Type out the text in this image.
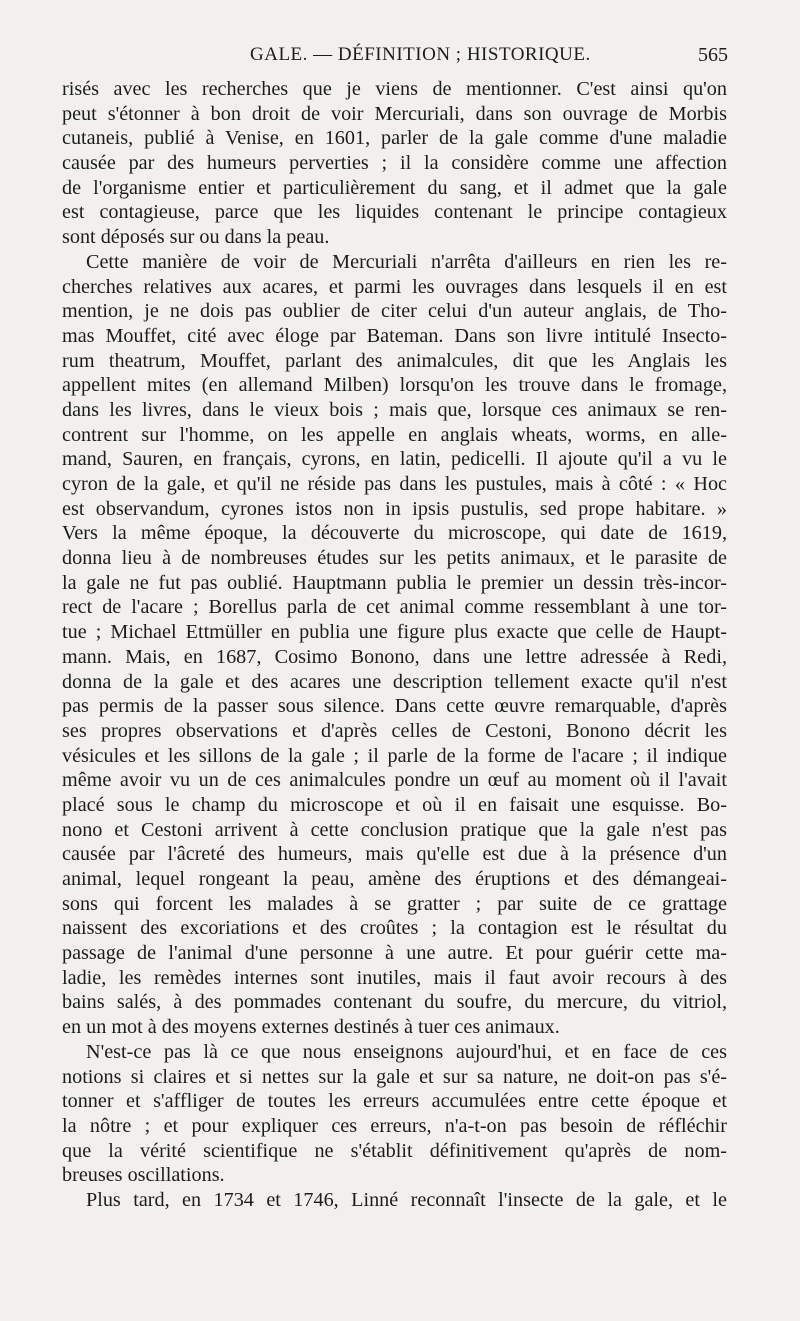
GALE. — DÉFINITION ; HISTORIQUE.	565
risés avec les recherches que je viens de mentionner. C'est ainsi qu'on
peut s'étonner à bon droit de voir Mercuriali, dans son ouvrage de Morbis
cutaneis, publié à Venise, en 1601, parler de la gale comme d'une maladie
causée par des humeurs perverties ; il la considère comme une affection
de l'organisme entier et particulièrement du sang, et il admet que la gale
est contagieuse, parce que les liquides contenant le principe contagieux
sont déposés sur ou dans la peau.
Cette manière de voir de Mercuriali n'arrêta d'ailleurs en rien les re-
cherches relatives aux acares, et parmi les ouvrages dans lesquels il en est
mention, je ne dois pas oublier de citer celui d'un auteur anglais, de Tho-
mas Mouffet, cité avec éloge par Bateman. Dans son livre intitulé Insecto-
rum theatrum, Mouffet, parlant des animalcules, dit que les Anglais les
appellent mites (en allemand Milben) lorsqu'on les trouve dans le fromage,
dans les livres, dans le vieux bois ; mais que, lorsque ces animaux se ren-
contrent sur l'homme, on les appelle en anglais wheats, worms, en alle-
mand, Sauren, en français, cyrons, en latin, pedicelli. Il ajoute qu'il a vu le
cyron de la gale, et qu'il ne réside pas dans les pustules, mais à côté : « Hoc
est observandum, cyrones istos non in ipsis pustulis, sed prope habitare. »
Vers la même époque, la découverte du microscope, qui date de 1619,
donna lieu à de nombreuses études sur les petits animaux, et le parasite de
la gale ne fut pas oublié. Hauptmann publia le premier un dessin très-incor-
rect de l'acare ; Borellus parla de cet animal comme ressemblant à une tor-
tue ; Michael Ettmüller en publia une figure plus exacte que celle de Haupt-
mann. Mais, en 1687, Cosimo Bonono, dans une lettre adressée à Redi,
donna de la gale et des acares une description tellement exacte qu'il n'est
pas permis de la passer sous silence. Dans cette œuvre remarquable, d'après
ses propres observations et d'après celles de Cestoni, Bonono décrit les
vésicules et les sillons de la gale ; il parle de la forme de l'acare ; il indique
même avoir vu un de ces animalcules pondre un œuf au moment où il l'avait
placé sous le champ du microscope et où il en faisait une esquisse. Bo-
nono et Cestoni arrivent à cette conclusion pratique que la gale n'est pas
causée par l'âcreté des humeurs, mais qu'elle est due à la présence d'un
animal, lequel rongeant la peau, amène des éruptions et des démangeai-
sons qui forcent les malades à se gratter ; par suite de ce grattage
naissent des excoriations et des croûtes ; la contagion est le résultat du
passage de l'animal d'une personne à une autre. Et pour guérir cette ma-
ladie, les remèdes internes sont inutiles, mais il faut avoir recours à des
bains salés, à des pommades contenant du soufre, du mercure, du vitriol,
en un mot à des moyens externes destinés à tuer ces animaux.
N'est-ce pas là ce que nous enseignons aujourd'hui, et en face de ces
notions si claires et si nettes sur la gale et sur sa nature, ne doit-on pas s'é-
tonner et s'affliger de toutes les erreurs accumulées entre cette époque et
la nôtre ; et pour expliquer ces erreurs, n'a-t-on pas besoin de réfléchir
que la vérité scientifique ne s'établit définitivement qu'après de nom-
breuses oscillations.
Plus tard, en 1734 et 1746, Linné reconnaît l'insecte de la gale, et le
